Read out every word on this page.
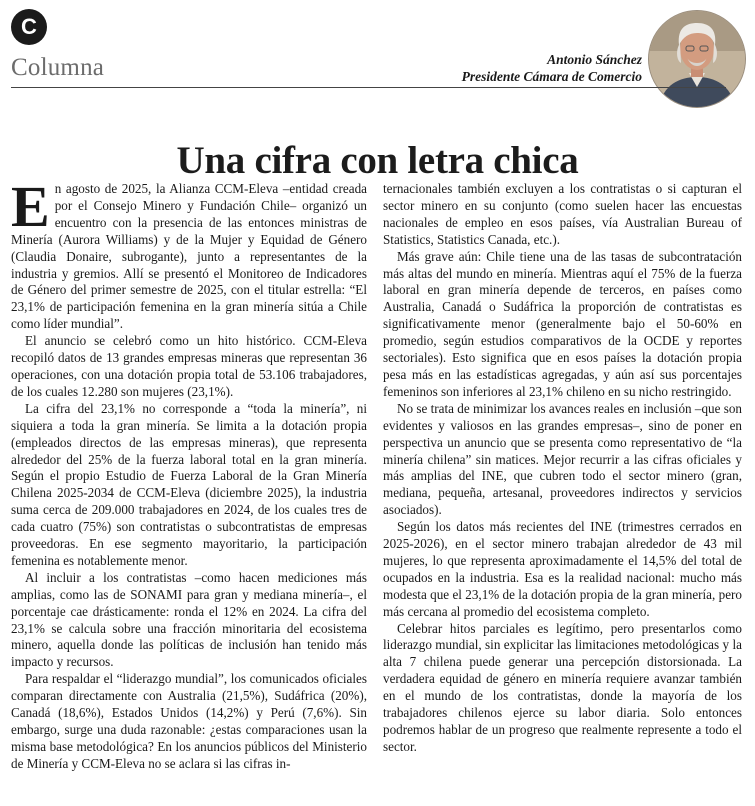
C
Columna	Antonio Sánchez
Presidente Cámara de Comercio
Una cifra con letra chica

En agosto de 2025, la Alianza CCM-Eleva –entidad creada por el Consejo Minero y Fundación Chile– organizó un encuentro con la presencia de las entonces ministras de Minería (Aurora Williams) y de la Mujer y Equidad de Género (Claudia Donaire, subrogante), junto a representantes de la industria y gremios. Allí se presentó el Monitoreo de Indicadores de Género del primer semestre de 2025, con el titular estrella: “El 23,1% de participación femenina en la gran minería sitúa a Chile como líder mundial”.

El anuncio se celebró como un hito histórico. CCM-Eleva recopiló datos de 13 grandes empresas mineras que representan 36 operaciones, con una dotación propia total de 53.106 trabajadores, de los cuales 12.280 son mujeres (23,1%).

La cifra del 23,1% no corresponde a “toda la minería”, ni siquiera a toda la gran minería. Se limita a la dotación propia (empleados directos de las empresas mineras), que representa alrededor del 25% de la fuerza laboral total en la gran minería. Según el propio Estudio de Fuerza Laboral de la Gran Minería Chilena 2025-2034 de CCM-Eleva (diciembre 2025), la industria suma cerca de 209.000 trabajadores en 2024, de los cuales tres de cada cuatro (75%) son contratistas o subcontratistas de empresas proveedoras. En ese segmento mayoritario, la participación femenina es notablemente menor.

Al incluir a los contratistas –como hacen mediciones más amplias, como las de SONAMI para gran y mediana minería–, el porcentaje cae drásticamente: ronda el 12% en 2024. La cifra del 23,1% se calcula sobre una fracción minoritaria del ecosistema minero, aquella donde las políticas de inclusión han tenido más impacto y recursos.

Para respaldar el “liderazgo mundial”, los comunicados oficiales comparan directamente con Australia (21,5%), Sudáfrica (20%), Canadá (18,6%), Estados Unidos (14,2%) y Perú (7,6%). Sin embargo, surge una duda razonable: ¿estas comparaciones usan la misma base metodológica? En los anuncios públicos del Ministerio de Minería y CCM-Eleva no se aclara si las cifras in-

ternacionales también excluyen a los contratistas o si capturan el sector minero en su conjunto (como suelen hacer las encuestas nacionales de empleo en esos países, vía Australian Bureau of Statistics, Statistics Canada, etc.).

Más grave aún: Chile tiene una de las tasas de subcontratación más altas del mundo en minería. Mientras aquí el 75% de la fuerza laboral en gran minería depende de terceros, en países como Australia, Canadá o Sudáfrica la proporción de contratistas es significativamente menor (generalmente bajo el 50-60% en promedio, según estudios comparativos de la OCDE y reportes sectoriales). Esto significa que en esos países la dotación propia pesa más en las estadísticas agregadas, y aún así sus porcentajes femeninos son inferiores al 23,1% chileno en su nicho restringido.

No se trata de minimizar los avances reales en inclusión –que son evidentes y valiosos en las grandes empresas–, sino de poner en perspectiva un anuncio que se presenta como representativo de “la minería chilena” sin matices. Mejor recurrir a las cifras oficiales y más amplias del INE, que cubren todo el sector minero (gran, mediana, pequeña, artesanal, proveedores indirectos y servicios asociados).

Según los datos más recientes del INE (trimestres cerrados en 2025-2026), en el sector minero trabajan alrededor de 43 mil mujeres, lo que representa aproximadamente el 14,5% del total de ocupados en la industria. Esa es la realidad nacional: mucho más modesta que el 23,1% de la dotación propia de la gran minería, pero más cercana al promedio del ecosistema completo.

Celebrar hitos parciales es legítimo, pero presentarlos como liderazgo mundial, sin explicitar las limitaciones metodológicas y la alta 7 chilena puede generar una percepción distorsionada. La verdadera equidad de género en minería requiere avanzar también en el mundo de los contratistas, donde la mayoría de los trabajadores chilenos ejerce su labor diaria. Solo entonces podremos hablar de un progreso que realmente represente a todo el sector.
